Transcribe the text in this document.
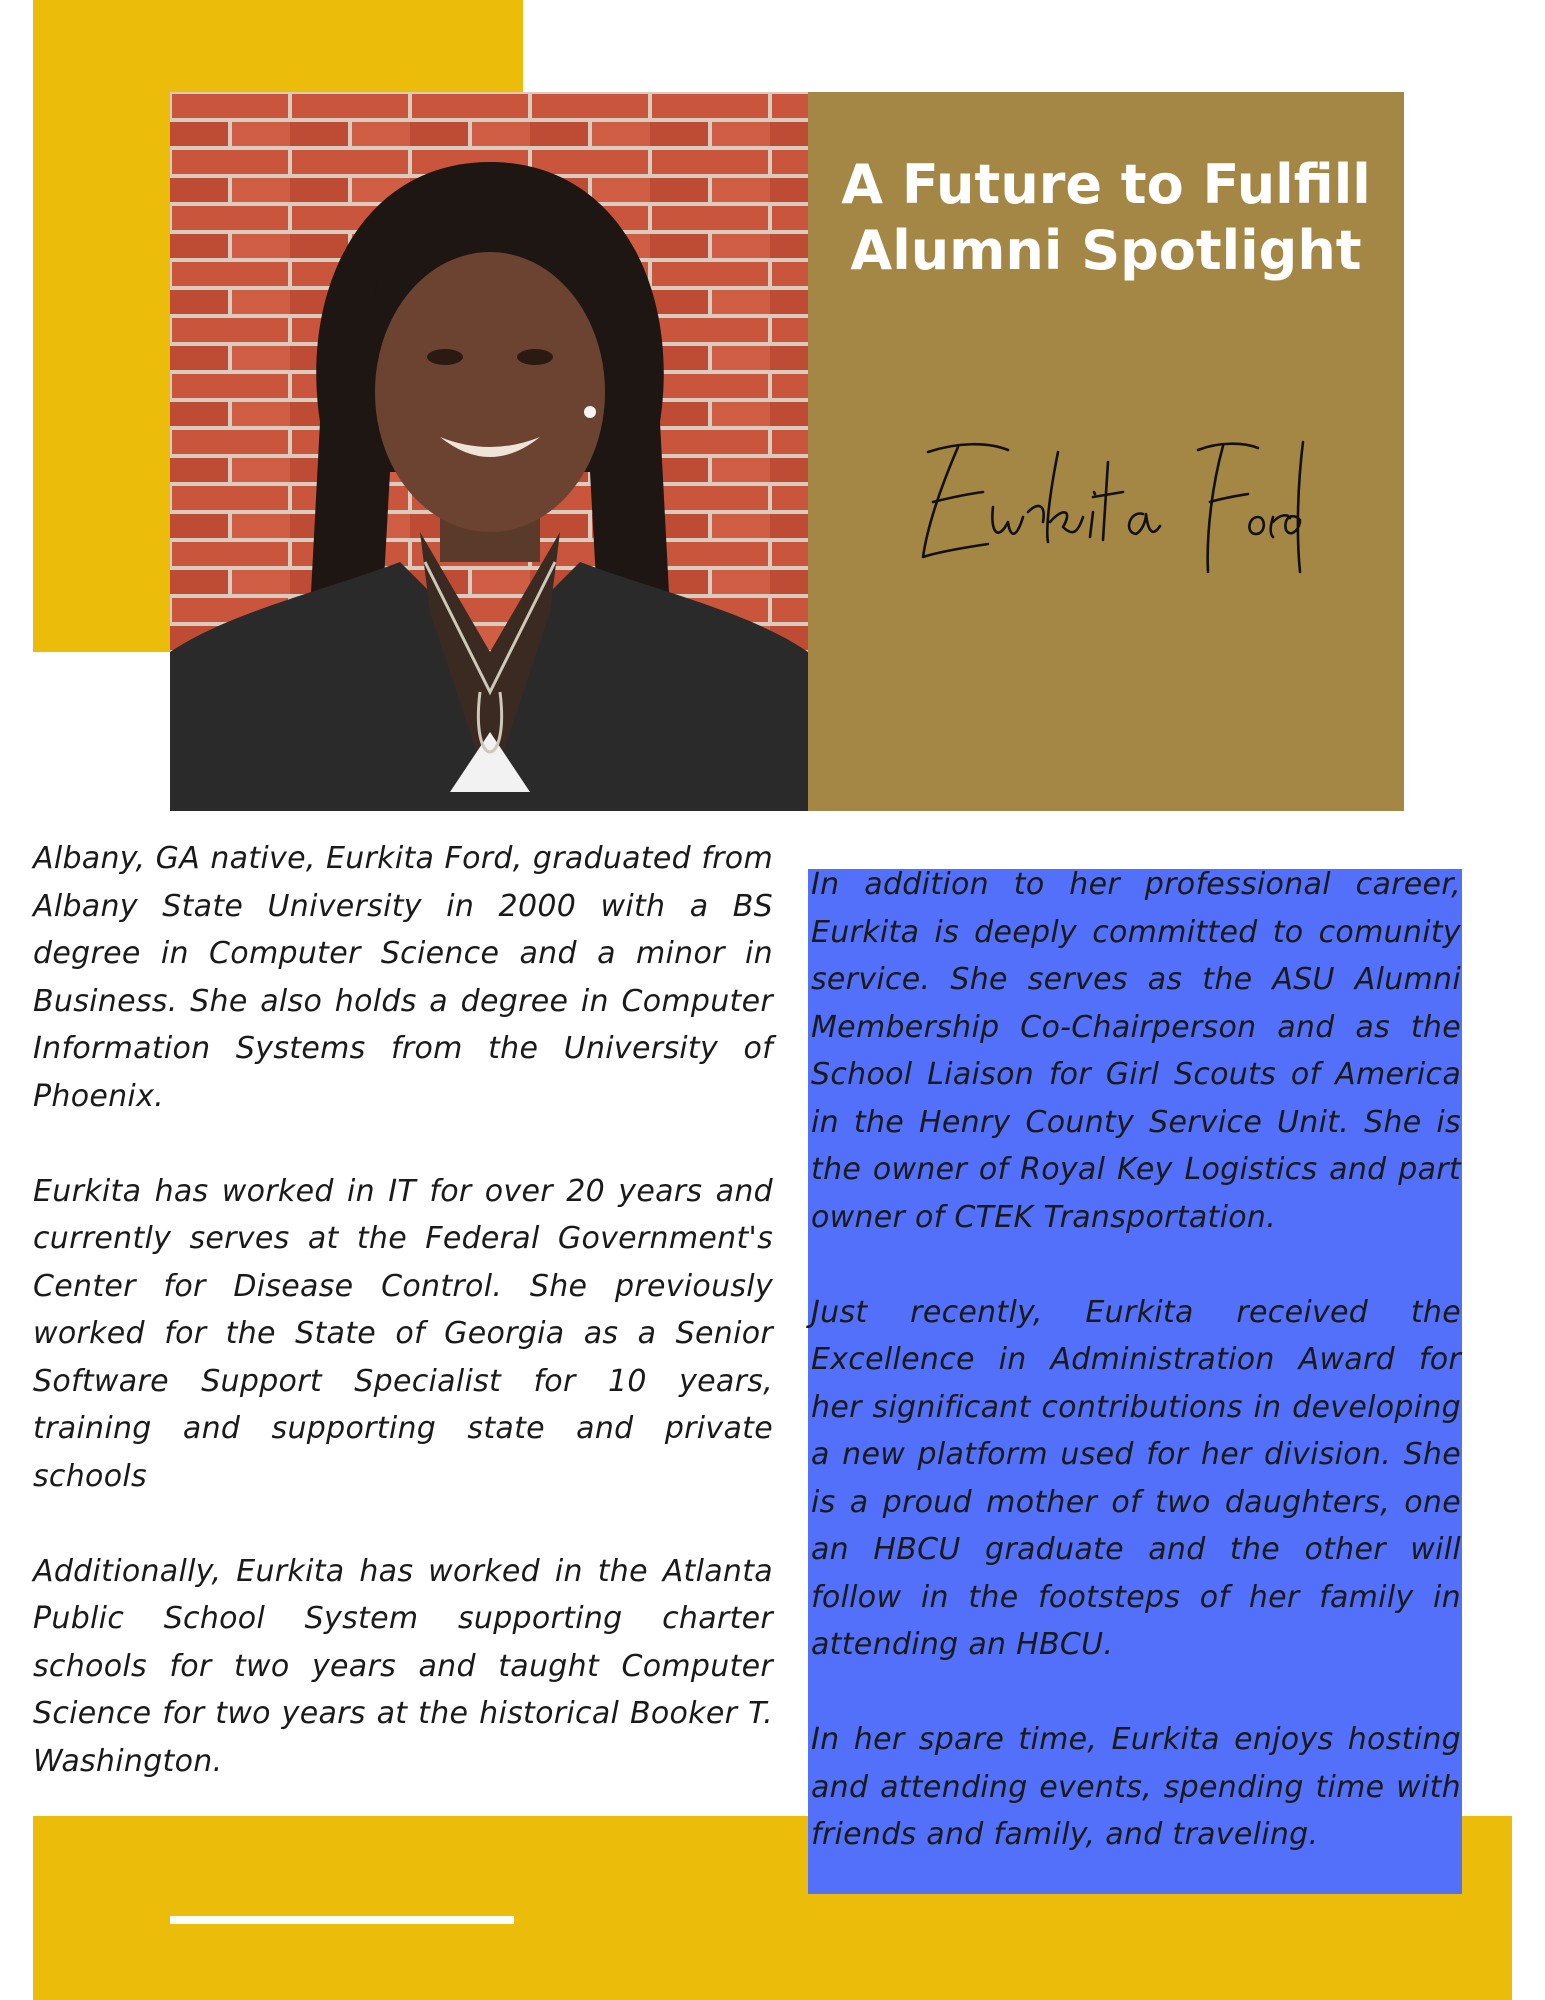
A Future to Fulfill
Alumni Spotlight

Albany, GA native, Eurkita Ford, graduated from Albany State University in 2000 with a BS degree in Computer Science and a minor in Business. She also holds a degree in Computer Information Systems from the University of Phoenix.

Eurkita has worked in IT for over 20 years and currently serves at the Federal Government's Center for Disease Control. She previously worked for the State of Georgia as a Senior Software Support Specialist for 10 years, training and supporting state and private schools

Additionally, Eurkita has worked in the Atlanta Public School System supporting charter schools for two years and taught Computer Science for two years at the historical Booker T. Washington.

In addition to her professional career, Eurkita is deeply committed to comunity service. She serves as the ASU Alumni Membership Co-Chairperson and as the School Liaison for Girl Scouts of America in the Henry County Service Unit. She is the owner of Royal Key Logistics and part owner of CTEK Transportation.

Just recently, Eurkita received the Excellence in Administration Award for her significant contributions in developing a new platform used for her division. She is a proud mother of two daughters, one an HBCU graduate and the other will follow in the footsteps of her family in attending an HBCU.

In her spare time, Eurkita enjoys hosting and attending events, spending time with friends and family, and traveling.
